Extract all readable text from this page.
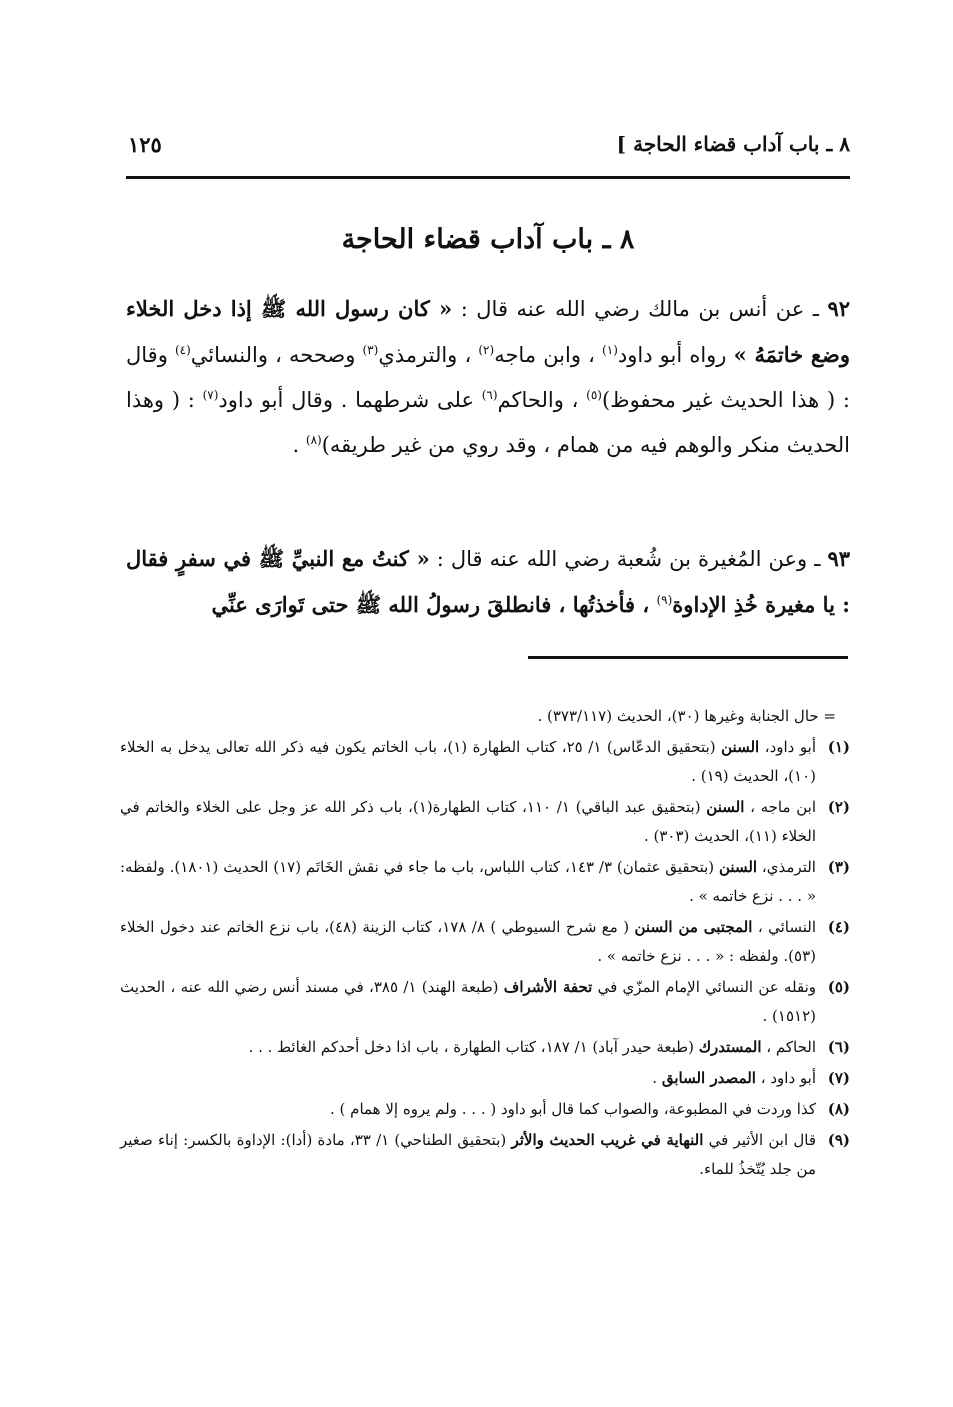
٨ ـ باب آداب قضاء الحاجة ]
١٢٥
٨ ـ باب آداب قضاء الحاجة

٩٢ ـ عن أنس بن مالك رضي الله عنه قال : « كان رسول الله ﷺ إذا دخل الخلاء وضع خاتمَهُ » رواه أبو داود$^{(١)}$ ، وابن ماجه$^{(٢)}$ ، والترمذي$^{(٣)}$ وصححه ، والنسائي$^{(٤)}$ وقال : ( هذا الحديث غير محفوظ)$^{(٥)}$ ، والحاكم$^{(٦)}$ على شرطهما . وقال أبو داود$^{(٧)}$ : ( وهذا الحديث منكر والوهم فيه من همام ، وقد روي من غير طريقه)$^{(٨)}$ .

٩٣ ـ وعن المُغيرة بن شُعبة رضي الله عنه قال : « كنتُ مع النبيِّ ﷺ في سفرٍ فقال : يا مغيرة خُذِ الإداوة$^{(٩)}$ ، فأخذتُها ، فانطلقَ رسولُ الله ﷺ حتى تَوارَى عنِّي

= حال الجنابة وغيرها (٣٠)، الحديث (٣٧٣/١١٧) .
(١)
أبو داود، السنن (بتحقيق الدعّاس) ١/ ٢٥، كتاب الطهارة (١)، باب الخاتم يكون فيه ذكر الله تعالى يدخل به الخلاء (١٠)، الحديث (١٩) .
(٢)
ابن ماجه ، السنن (بتحقيق عبد الباقي) ١/ ١١٠، كتاب الطهارة(١)، باب ذكر الله عز وجل على الخلاء والخاتم في الخلاء (١١)، الحديث (٣٠٣) .
(٣)
الترمذي، السنن (بتحقيق عثمان) ٣/ ١٤٣، كتاب اللباس، باب ما جاء في نقش الخَاتَم (١٧) الحديث (١٨٠١). ولفظه: « . . . نزع خاتمه » .
(٤)
النسائي ، المجتبى من السنن ( مع شرح السيوطي ) ٨/ ١٧٨، كتاب الزينة (٤٨)، باب نزع الخاتم عند دخول الخلاء (٥٣). ولفظه : « . . . نزع خاتمه » .
(٥)
ونقله عن النسائي الإمام المزّي في تحفة الأشراف (طبعة الهند) ١/ ٣٨٥، في مسند أنس رضي الله عنه ، الحديث (١٥١٢) .
(٦)
الحاكم ، المستدرك (طبعة حيدر آباد) ١/ ١٨٧، كتاب الطهارة ، باب اذا دخل أحدكم الغائط . . .
(٧)
أبو داود ، المصدر السابق .
(٨)
كذا وردت في المطبوعة، والصواب كما قال أبو داود ( . . . ولم يروه إلا همام ) .
(٩)
قال ابن الأثير في النهاية في غريب الحديث والأثر (بتحقيق الطناحي) ١/ ٣٣، مادة (أدا): الإداوة بالكسر: إناء صغير من جلد يُتّخذُ للماء.
